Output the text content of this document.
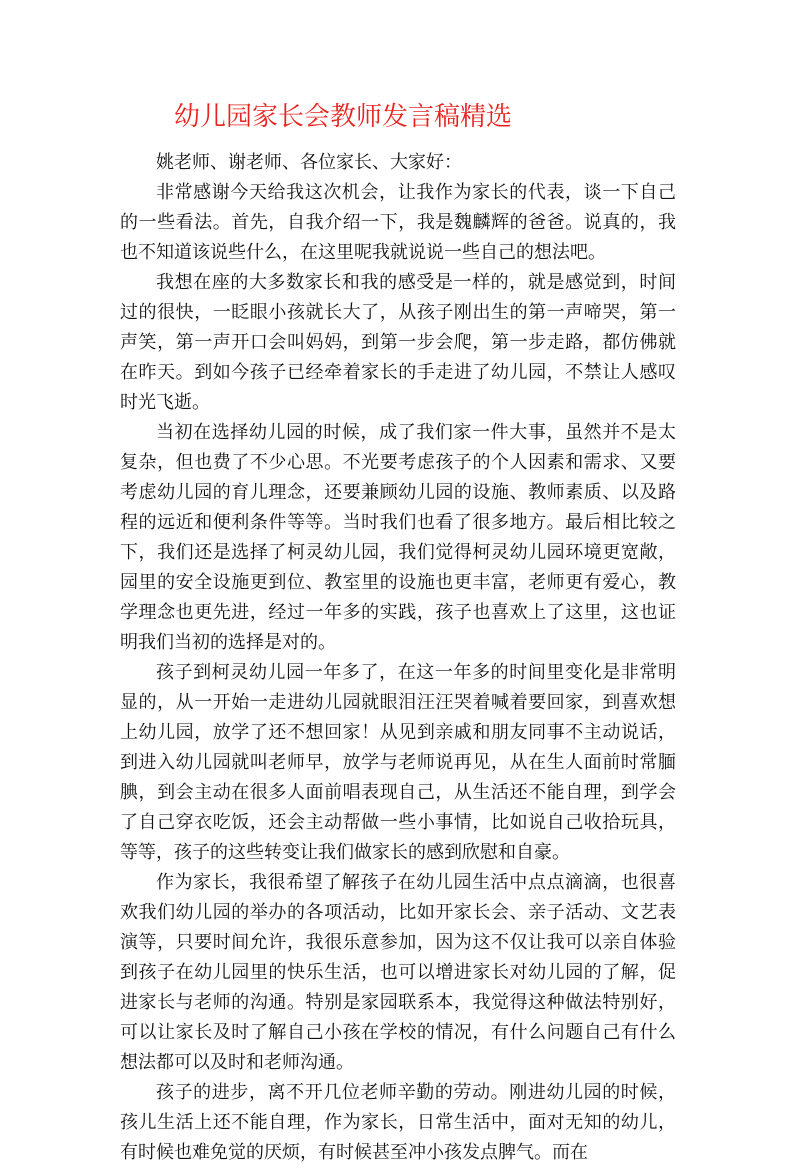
幼儿园家长会教师发言稿精选

姚老师、谢老师、各位家长、大家好：

非常感谢今天给我这次机会，让我作为家长的代表，谈一下自己的一些看法。首先，自我介绍一下，我是魏麟辉的爸爸。说真的，我也不知道该说些什么，在这里呢我就说说一些自己的想法吧。

我想在座的大多数家长和我的感受是一样的，就是感觉到，时间过的很快，一眨眼小孩就长大了，从孩子刚出生的第一声啼哭，第一声笑，第一声开口会叫妈妈，到第一步会爬，第一步走路，都仿佛就在昨天。到如今孩子已经牵着家长的手走进了幼儿园，不禁让人感叹时光飞逝。

当初在选择幼儿园的时候，成了我们家一件大事，虽然并不是太复杂，但也费了不少心思。不光要考虑孩子的个人因素和需求、又要考虑幼儿园的育儿理念，还要兼顾幼儿园的设施、教师素质、以及路程的远近和便利条件等等。当时我们也看了很多地方。最后相比较之下，我们还是选择了柯灵幼儿园，我们觉得柯灵幼儿园环境更宽敞，园里的安全设施更到位、教室里的设施也更丰富，老师更有爱心，教学理念也更先进，经过一年多的实践，孩子也喜欢上了这里，这也证明我们当初的选择是对的。

孩子到柯灵幼儿园一年多了，在这一年多的时间里变化是非常明显的，从一开始一走进幼儿园就眼泪汪汪哭着喊着要回家，到喜欢想上幼儿园，放学了还不想回家！从见到亲戚和朋友同事不主动说话，到进入幼儿园就叫老师早，放学与老师说再见，从在生人面前时常腼腆，到会主动在很多人面前唱表现自己，从生活还不能自理，到学会了自己穿衣吃饭，还会主动帮做一些小事情，比如说自己收拾玩具，等等，孩子的这些转变让我们做家长的感到欣慰和自豪。

作为家长，我很希望了解孩子在幼儿园生活中点点滴滴，也很喜欢我们幼儿园的举办的各项活动，比如开家长会、亲子活动、文艺表演等，只要时间允许，我很乐意参加，因为这不仅让我可以亲自体验到孩子在幼儿园里的快乐生活，也可以增进家长对幼儿园的了解，促进家长与老师的沟通。特别是家园联系本，我觉得这种做法特别好，可以让家长及时了解自己小孩在学校的情况，有什么问题自己有什么想法都可以及时和老师沟通。

孩子的进步，离不开几位老师辛勤的劳动。刚进幼儿园的时候，孩儿生活上还不能自理，作为家长，日常生活中，面对无知的幼儿，有时候也难免觉的厌烦，有时候甚至冲小孩发点脾气。而在
